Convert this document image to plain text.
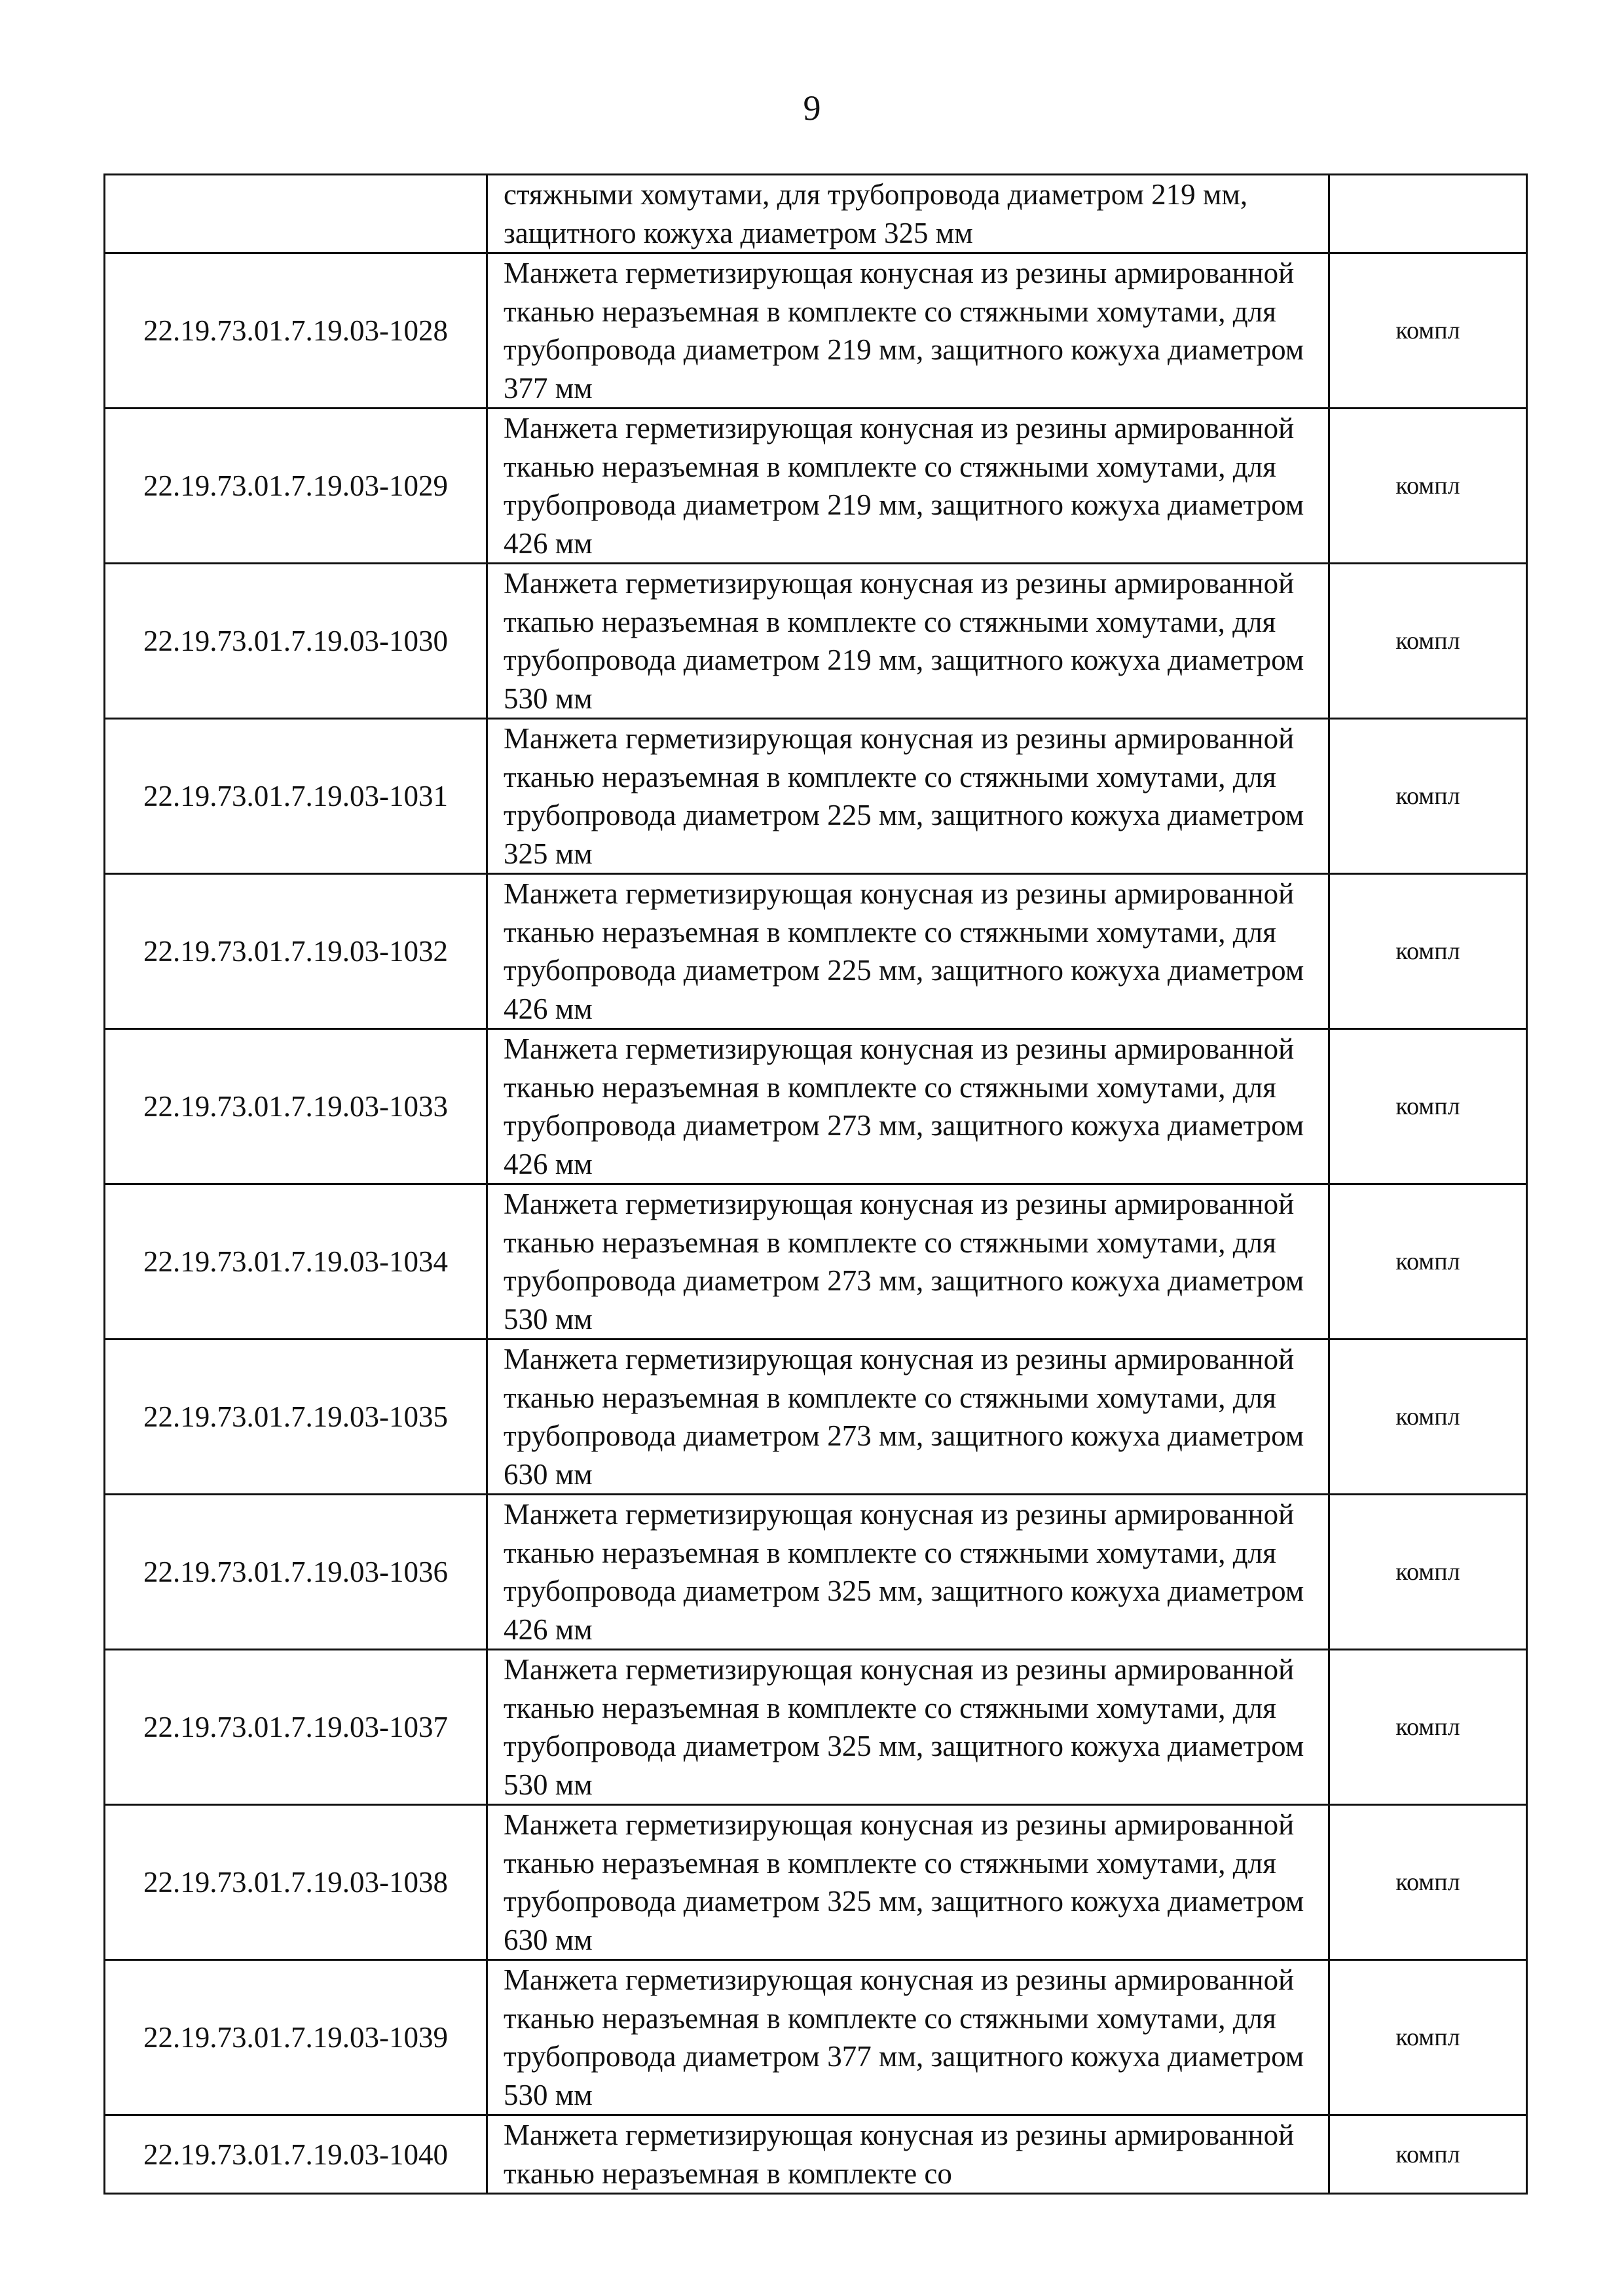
9
	стяжными хомутами, для трубопровода диаметром 219 мм, защитного кожуха диаметром 325 мм	
22.19.73.01.7.19.03-1028	Манжета герметизирующая конусная из резины армированной тканью неразъемная в комплекте со стяжными хомутами, для трубопровода диаметром 219 мм, защитного кожуха диаметром 377 мм	компл
22.19.73.01.7.19.03-1029	Манжета герметизирующая конусная из резины армированной тканью неразъемная в комплекте со стяжными хомутами, для трубопровода диаметром 219 мм, защитного кожуха диаметром 426 мм	компл
22.19.73.01.7.19.03-1030	Манжета герметизирующая конусная из резины армированной ткапью неразъемная в комплекте со стяжными хомутами, для трубопровода диаметром 219 мм, защитного кожуха диаметром 530 мм	компл
22.19.73.01.7.19.03-1031	Манжета герметизирующая конусная из резины армированной тканью неразъемная в комплекте со стяжными хомутами, для трубопровода диаметром 225 мм, защитного кожуха диаметром 325 мм	компл
22.19.73.01.7.19.03-1032	Манжета герметизирующая конусная из резины армированной тканью неразъемная в комплекте со стяжными хомутами, для трубопровода диаметром 225 мм, защитного кожуха диаметром 426 мм	компл
22.19.73.01.7.19.03-1033	Манжета герметизирующая конусная из резины армированной тканью неразъемная в комплекте со стяжными хомутами, для трубопровода диаметром 273 мм, защитного кожуха диаметром 426 мм	компл
22.19.73.01.7.19.03-1034	Манжета герметизирующая конусная из резины армированной тканью неразъемная в комплекте со стяжными хомутами, для трубопровода диаметром 273 мм, защитного кожуха диаметром 530 мм	компл
22.19.73.01.7.19.03-1035	Манжета герметизирующая конусная из резины армированной тканью неразъемная в комплекте со стяжными хомутами, для трубопровода диаметром 273 мм, защитного кожуха диаметром 630 мм	компл
22.19.73.01.7.19.03-1036	Манжета герметизирующая конусная из резины армированной тканью неразъемная в комплекте со стяжными хомутами, для трубопровода диаметром 325 мм, защитного кожуха диаметром 426 мм	компл
22.19.73.01.7.19.03-1037	Манжета герметизирующая конусная из резины армированной тканью неразъемная в комплекте со стяжными хомутами, для трубопровода диаметром 325 мм, защитного кожуха диаметром 530 мм	компл
22.19.73.01.7.19.03-1038	Манжета герметизирующая конусная из резины армированной тканью неразъемная в комплекте со стяжными хомутами, для трубопровода диаметром 325 мм, защитного кожуха диаметром 630 мм	компл
22.19.73.01.7.19.03-1039	Манжета герметизирующая конусная из резины армированной тканью неразъемная в комплекте со стяжными хомутами, для трубопровода диаметром 377 мм, защитного кожуха диаметром 530 мм	компл
22.19.73.01.7.19.03-1040	Манжета герметизирующая конусная из резины армированной тканью неразъемная в комплекте со	компл
